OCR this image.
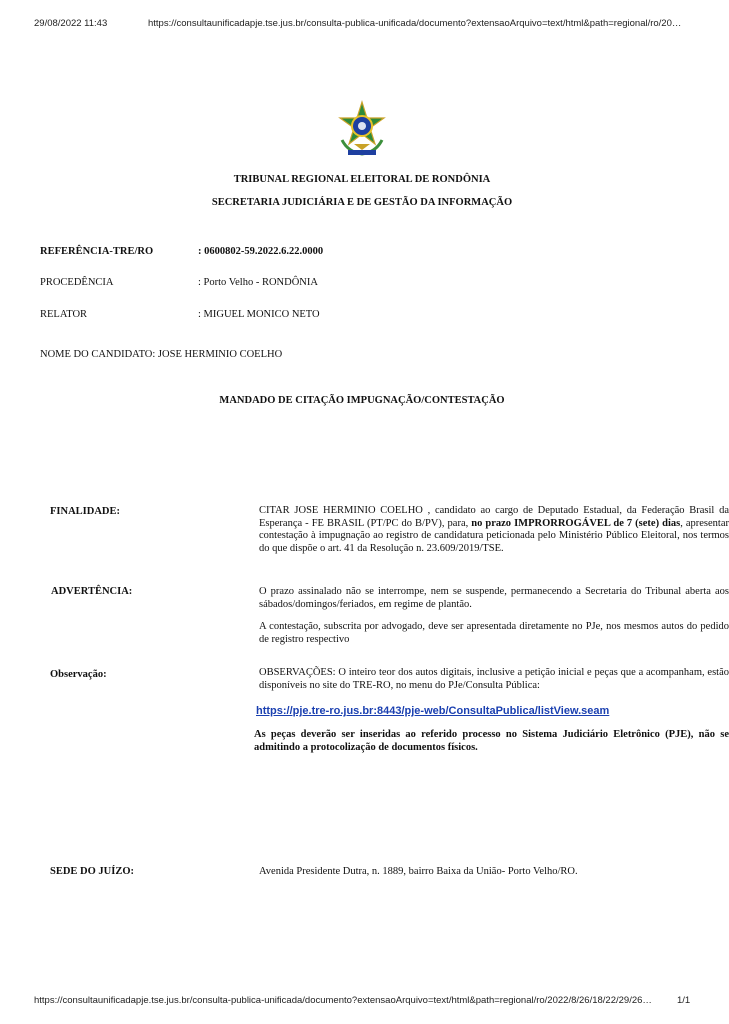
29/08/2022 11:43	https://consultaunificadapje.tse.jus.br/consulta-publica-unificada/documento?extensaoArquivo=text/html&path=regional/ro/20…
TRIBUNAL REGIONAL ELEITORAL DE RONDÔNIA
SECRETARIA JUDICIÁRIA E DE GESTÃO DA INFORMAÇÃO
REFERÊNCIA-TRE/RO	: 0600802-59.2022.6.22.0000
PROCEDÊNCIA	: Porto Velho - RONDÔNIA
RELATOR	: MIGUEL MONICO NETO
NOME DO CANDIDATO: JOSE HERMINIO COELHO
MANDADO DE CITAÇÃO IMPUGNAÇÃO/CONTESTAÇÃO
FINALIDADE:	CITAR JOSE HERMINIO COELHO , candidato ao cargo de Deputado Estadual, da Federação Brasil da Esperança - FE BRASIL (PT/PC do B/PV), para, no prazo IMPRORROGÁVEL de 7 (sete) dias, apresentar contestação à impugnação ao registro de candidatura peticionada pelo Ministério Público Eleitoral, nos termos do que dispõe o art. 41 da Resolução n. 23.609/2019/TSE.
ADVERTÊNCIA:	O prazo assinalado não se interrompe, nem se suspende, permanecendo a Secretaria do Tribunal aberta aos sábados/domingos/feriados, em regime de plantão.
A contestação, subscrita por advogado, deve ser apresentada diretamente no PJe, nos mesmos autos do pedido de registro respectivo
Observação:	OBSERVAÇÕES: O inteiro teor dos autos digitais, inclusive a petição inicial e peças que a acompanham, estão disponíveis no site do TRE-RO, no menu do PJe/Consulta Pública:
https://pje.tre-ro.jus.br:8443/pje-web/ConsultaPublica/listView.seam
As peças deverão ser inseridas ao referido processo no Sistema Judiciário Eletrônico (PJE), não se admitindo a protocolização de documentos físicos.
SEDE DO JUÍZO:	Avenida Presidente Dutra, n. 1889, bairro Baixa da União- Porto Velho/RO.
https://consultaunificadapje.tse.jus.br/consulta-publica-unificada/documento?extensaoArquivo=text/html&path=regional/ro/2022/8/26/18/22/29/26…	1/1
